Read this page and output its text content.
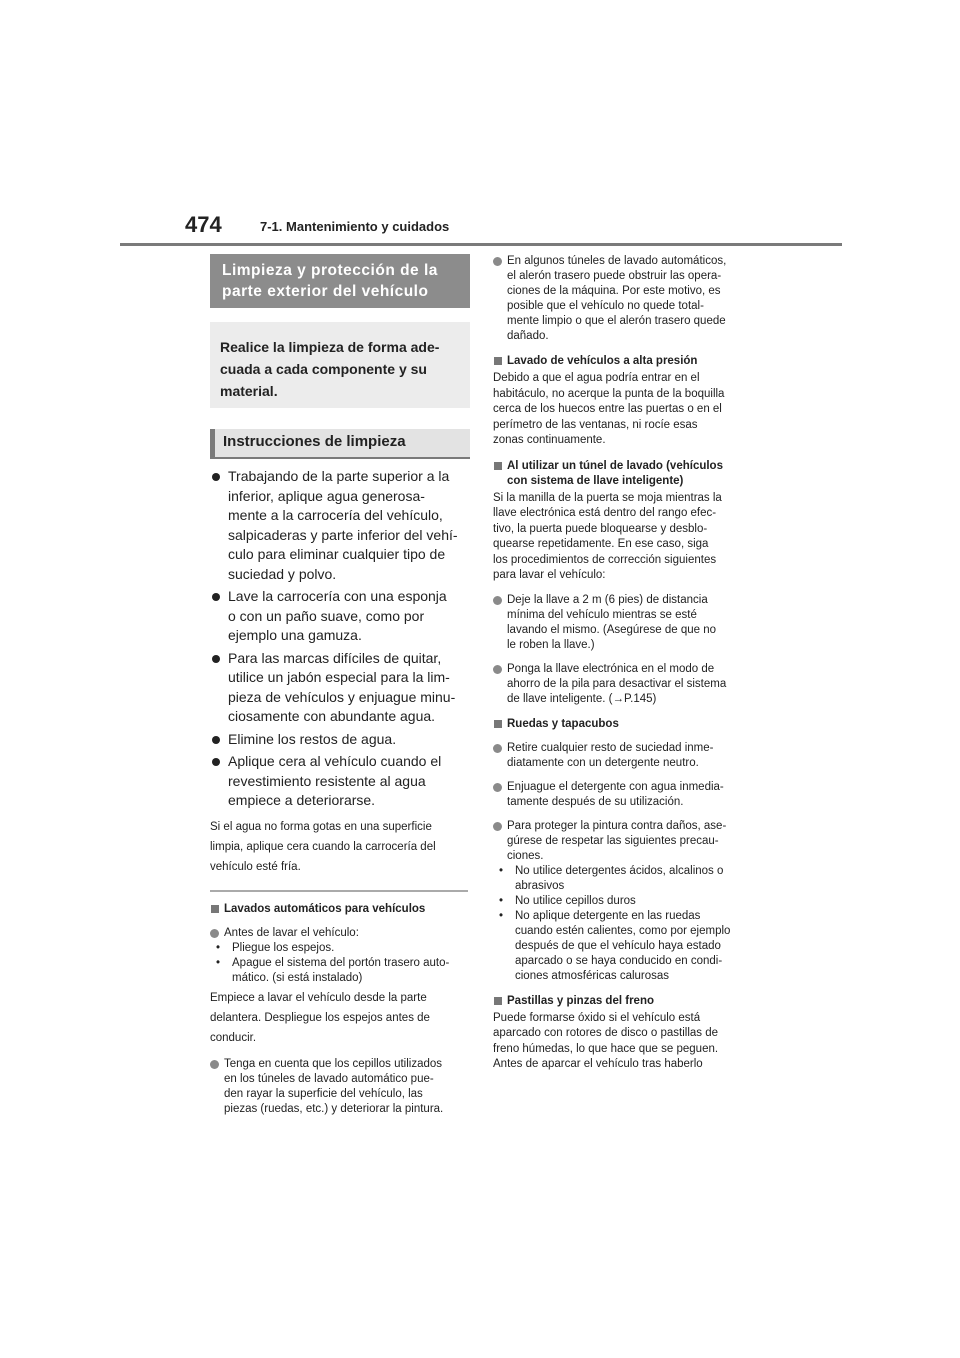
474	7-1. Mantenimiento y cuidados
Limpieza y protección de la
parte exterior del vehículo
Realice la limpieza de forma ade-
cuada a cada componente y su
material.
Instrucciones de limpieza
Trabajando de la parte superior a la
inferior, aplique agua generosa-
mente a la carrocería del vehículo,
salpicaderas y parte inferior del vehí-
culo para eliminar cualquier tipo de
suciedad y polvo.
Lave la carrocería con una esponja
o con un paño suave, como por
ejemplo una gamuza.
Para las marcas difíciles de quitar,
utilice un jabón especial para la lim-
pieza de vehículos y enjuague minu-
ciosamente con abundante agua.
Elimine los restos de agua.
Aplique cera al vehículo cuando el
revestimiento resistente al agua
empiece a deteriorarse.
Si el agua no forma gotas en una superficie
limpia, aplique cera cuando la carrocería del
vehículo esté fría.
Lavados automáticos para vehículos
Antes de lavar el vehículo:
• Pliegue los espejos.
• Apague el sistema del portón trasero auto-
mático. (si está instalado)
Empiece a lavar el vehículo desde la parte
delantera. Despliegue los espejos antes de
conducir.
Tenga en cuenta que los cepillos utilizados
en los túneles de lavado automático pue-
den rayar la superficie del vehículo, las
piezas (ruedas, etc.) y deteriorar la pintura.
En algunos túneles de lavado automáticos,
el alerón trasero puede obstruir las opera-
ciones de la máquina. Por este motivo, es
posible que el vehículo no quede total-
mente limpio o que el alerón trasero quede
dañado.
Lavado de vehículos a alta presión
Debido a que el agua podría entrar en el
habitáculo, no acerque la punta de la boquilla
cerca de los huecos entre las puertas o en el
perímetro de las ventanas, ni rocíe esas
zonas continuamente.
Al utilizar un túnel de lavado (vehículos
con sistema de llave inteligente)
Si la manilla de la puerta se moja mientras la
llave electrónica está dentro del rango efec-
tivo, la puerta puede bloquearse y desblo-
quearse repetidamente. En ese caso, siga
los procedimientos de corrección siguientes
para lavar el vehículo:
Deje la llave a 2 m (6 pies) de distancia
mínima del vehículo mientras se esté
lavando el mismo. (Asegúrese de que no
le roben la llave.)
Ponga la llave electrónica en el modo de
ahorro de la pila para desactivar el sistema
de llave inteligente. (→P.145)
Ruedas y tapacubos
Retire cualquier resto de suciedad inme-
diatamente con un detergente neutro.
Enjuague el detergente con agua inmedia-
tamente después de su utilización.
Para proteger la pintura contra daños, ase-
gúrese de respetar las siguientes precau-
ciones.
• No utilice detergentes ácidos, alcalinos o
abrasivos
• No utilice cepillos duros
• No aplique detergente en las ruedas
cuando estén calientes, como por ejemplo
después de que el vehículo haya estado
aparcado o se haya conducido en condi-
ciones atmosféricas calurosas
Pastillas y pinzas del freno
Puede formarse óxido si el vehículo está
aparcado con rotores de disco o pastillas de
freno húmedas, lo que hace que se peguen.
Antes de aparcar el vehículo tras haberlo
